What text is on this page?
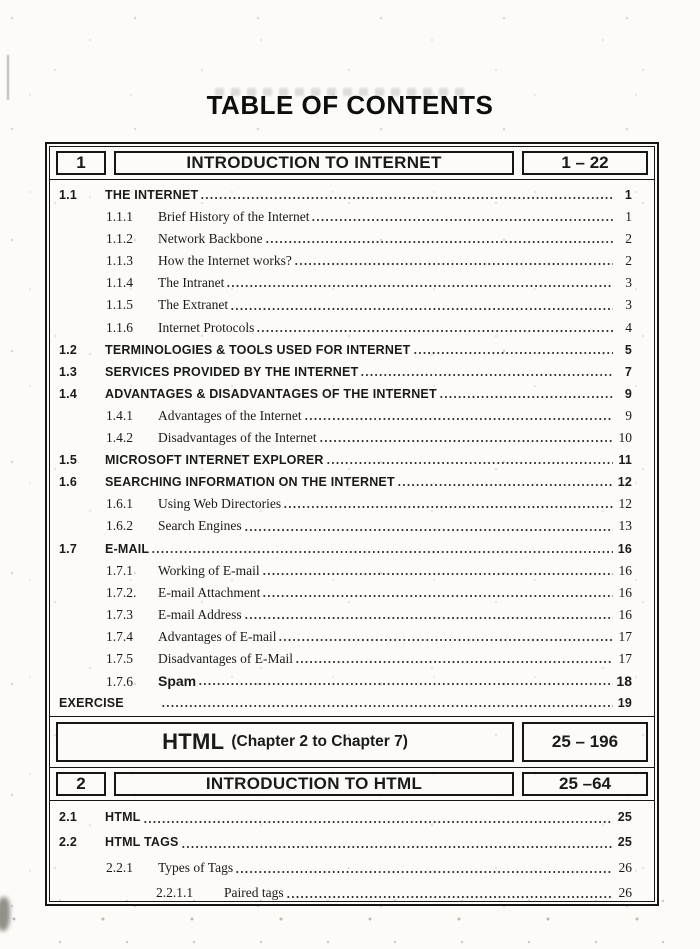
TABLE OF CONTENTS
1	INTRODUCTION TO INTERNET	1 – 22
1.1	THE INTERNET	1
1.1.1	Brief History of the Internet	1
1.1.2	Network Backbone	2
1.1.3	How the Internet works?	2
1.1.4	The Intranet	3
1.1.5	The Extranet	3
1.1.6	Internet Protocols	4
1.2	TERMINOLOGIES & TOOLS USED FOR INTERNET	5
1.3	SERVICES PROVIDED BY THE INTERNET	7
1.4	ADVANTAGES & DISADVANTAGES OF THE INTERNET	9
1.4.1	Advantages of the Internet	9
1.4.2	Disadvantages of the Internet	10
1.5	MICROSOFT INTERNET EXPLORER	11
1.6	SEARCHING INFORMATION ON THE INTERNET	12
1.6.1	Using Web Directories	12
1.6.2	Search Engines	13
1.7	E-MAIL	16
1.7.1	Working of E-mail	16
1.7.2.	E-mail Attachment	16
1.7.3	E-mail Address	16
1.7.4	Advantages of E-mail	17
1.7.5	Disadvantages of E-Mail	17
1.7.6	Spam	18
EXERCISE	19
HTML (Chapter 2 to Chapter 7)	25 – 196
2	INTRODUCTION TO HTML	25 –64
2.1	HTML	25
2.2	HTML TAGS	25
2.2.1	Types of Tags	26
2.2.1.1	Paired tags	26
